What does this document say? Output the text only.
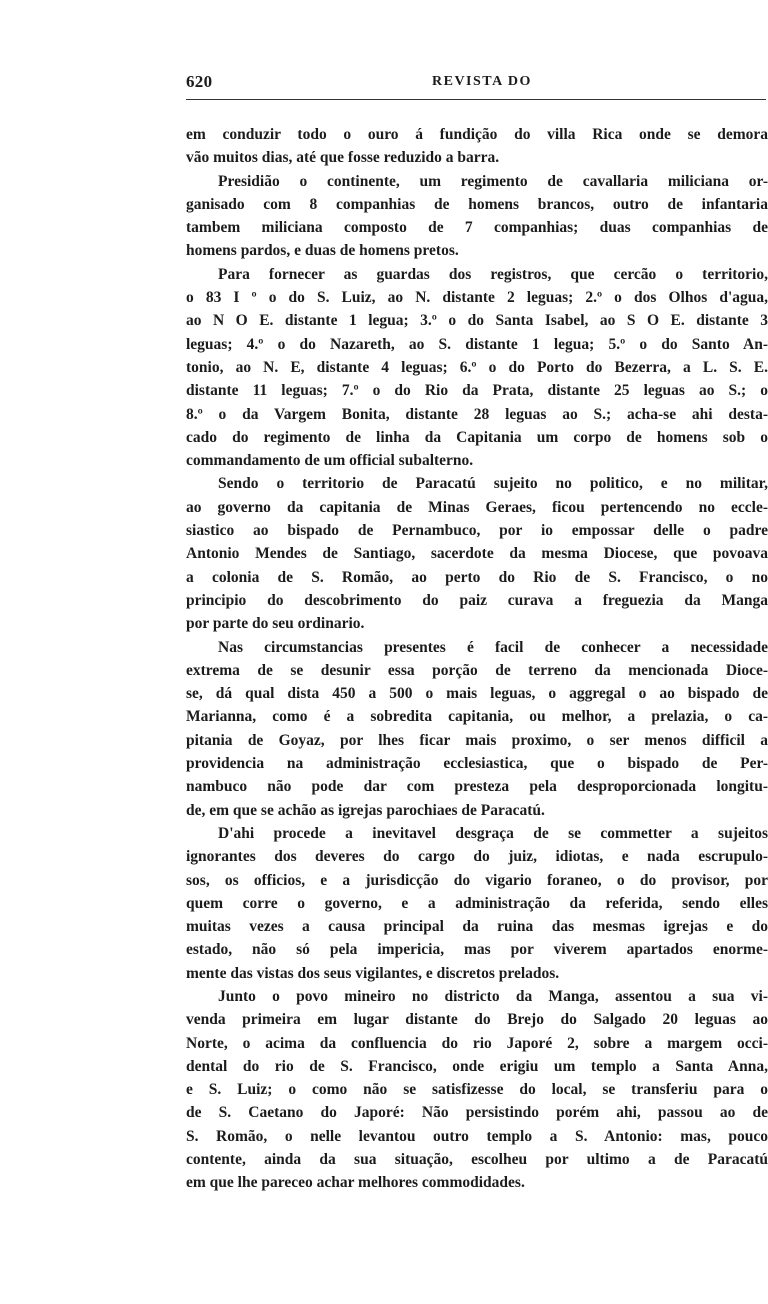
620	REVISTA DO
em conduzir todo o ouro á fundição do villa Rica onde se demora
vão muitos dias, até que fosse reduzido a barra.
Presidião o continente, um regimento de cavallaria miliciana or-
ganisado com 8 companhias de homens brancos, outro de infantaria
tambem miliciana composto de 7 companhias; duas companhias de
homens pardos, e duas de homens pretos.
Para fornecer as guardas dos registros, que cercão o territorio,
o 83 I º o do S. Luiz, ao N. distante 2 leguas; 2.º o dos Olhos d'agua,
ao N O E. distante 1 legua; 3.º o do Santa Isabel, ao S O E. distante 3
leguas; 4.º o do Nazareth, ao S. distante 1 legua; 5.º o do Santo An-
tonio, ao N. E, distante 4 leguas; 6.º o do Porto do Bezerra, a L. S. E.
distante 11 leguas; 7.º o do Rio da Prata, distante 25 leguas ao S.; o
8.º o da Vargem Bonita, distante 28 leguas ao S.; acha-se ahi desta-
cado do regimento de linha da Capitania um corpo de homens sob o
commandamento de um official subalterno.
Sendo o territorio de Paracatú sujeito no politico, e no militar,
ao governo da capitania de Minas Geraes, ficou pertencendo no eccle-
siastico ao bispado de Pernambuco, por io empossar delle o padre
Antonio Mendes de Santiago, sacerdote da mesma Diocese, que povoava
a colonia de S. Romão, ao perto do Rio de S. Francisco, o no
principio do descobrimento do paiz curava a freguezia da Manga
por parte do seu ordinario.
Nas circumstancias presentes é facil de conhecer a necessidade
extrema de se desunir essa porção de terreno da mencionada Dioce-
se, dá qual dista 450 a 500 o mais leguas, o aggregal o ao bispado de
Marianna, como é a sobredita capitania, ou melhor, a prelazia, o ca-
pitania de Goyaz, por lhes ficar mais proximo, o ser menos difficil a
providencia na administração ecclesiastica, que o bispado de Per-
nambuco não pode dar com presteza pela desproporcionada longitu-
de, em que se achão as igrejas parochiaes de Paracatú.
D'ahi procede a inevitavel desgraça de se commetter a sujeitos
ignorantes dos deveres do cargo do juiz, idiotas, e nada escrupulo-
sos, os officios, e a jurisdicção do vigario foraneo, o do provisor, por
quem corre o governo, e a administração da referida, sendo elles
muitas vezes a causa principal da ruina das mesmas igrejas e do
estado, não só pela impericia, mas por viverem apartados enorme-
mente das vistas dos seus vigilantes, e discretos prelados.
Junto o povo mineiro no districto da Manga, assentou a sua vi-
venda primeira em lugar distante do Brejo do Salgado 20 leguas ao
Norte, o acima da confluencia do rio Japoré 2, sobre a margem occi-
dental do rio de S. Francisco, onde erigiu um templo a Santa Anna,
e S. Luiz; o como não se satisfizesse do local, se transferiu para o
de S. Caetano do Japoré: Não persistindo porém ahi, passou ao de
S. Romão, o nelle levantou outro templo a S. Antonio: mas, pouco
contente, ainda da sua situação, escolheu por ultimo a de Paracatú
em que lhe pareceo achar melhores commodidades.
